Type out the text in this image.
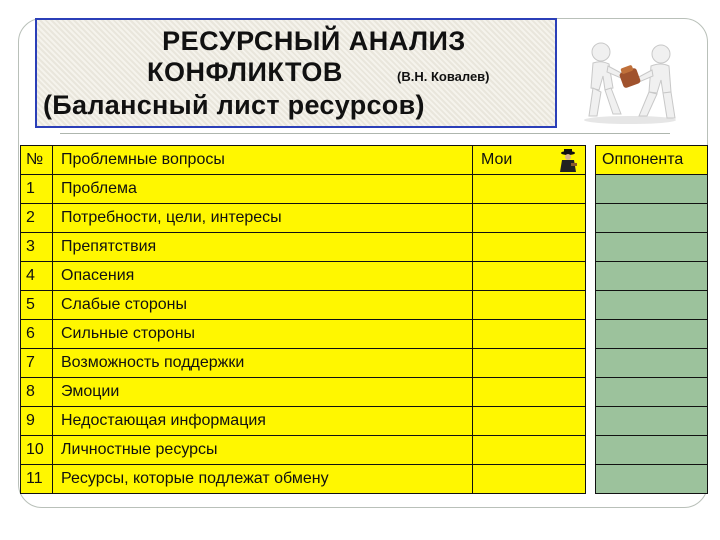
РЕСУРСНЫЙ АНАЛИЗ
КОНФЛИКТОВ	(В.Н. Ковалев)
(Балансный лист ресурсов)
№	Проблемные вопросы	Мои		Оппонента
1	Проблема			
2	Потребности, цели, интересы			
3	Препятствия			
4	Опасения			
5	Слабые стороны			
6	Сильные стороны			
7	Возможность поддержки			
8	Эмоции			
9	Недостающая информация			
10	Личностные ресурсы			
11	Ресурсы, которые подлежат обмену			
